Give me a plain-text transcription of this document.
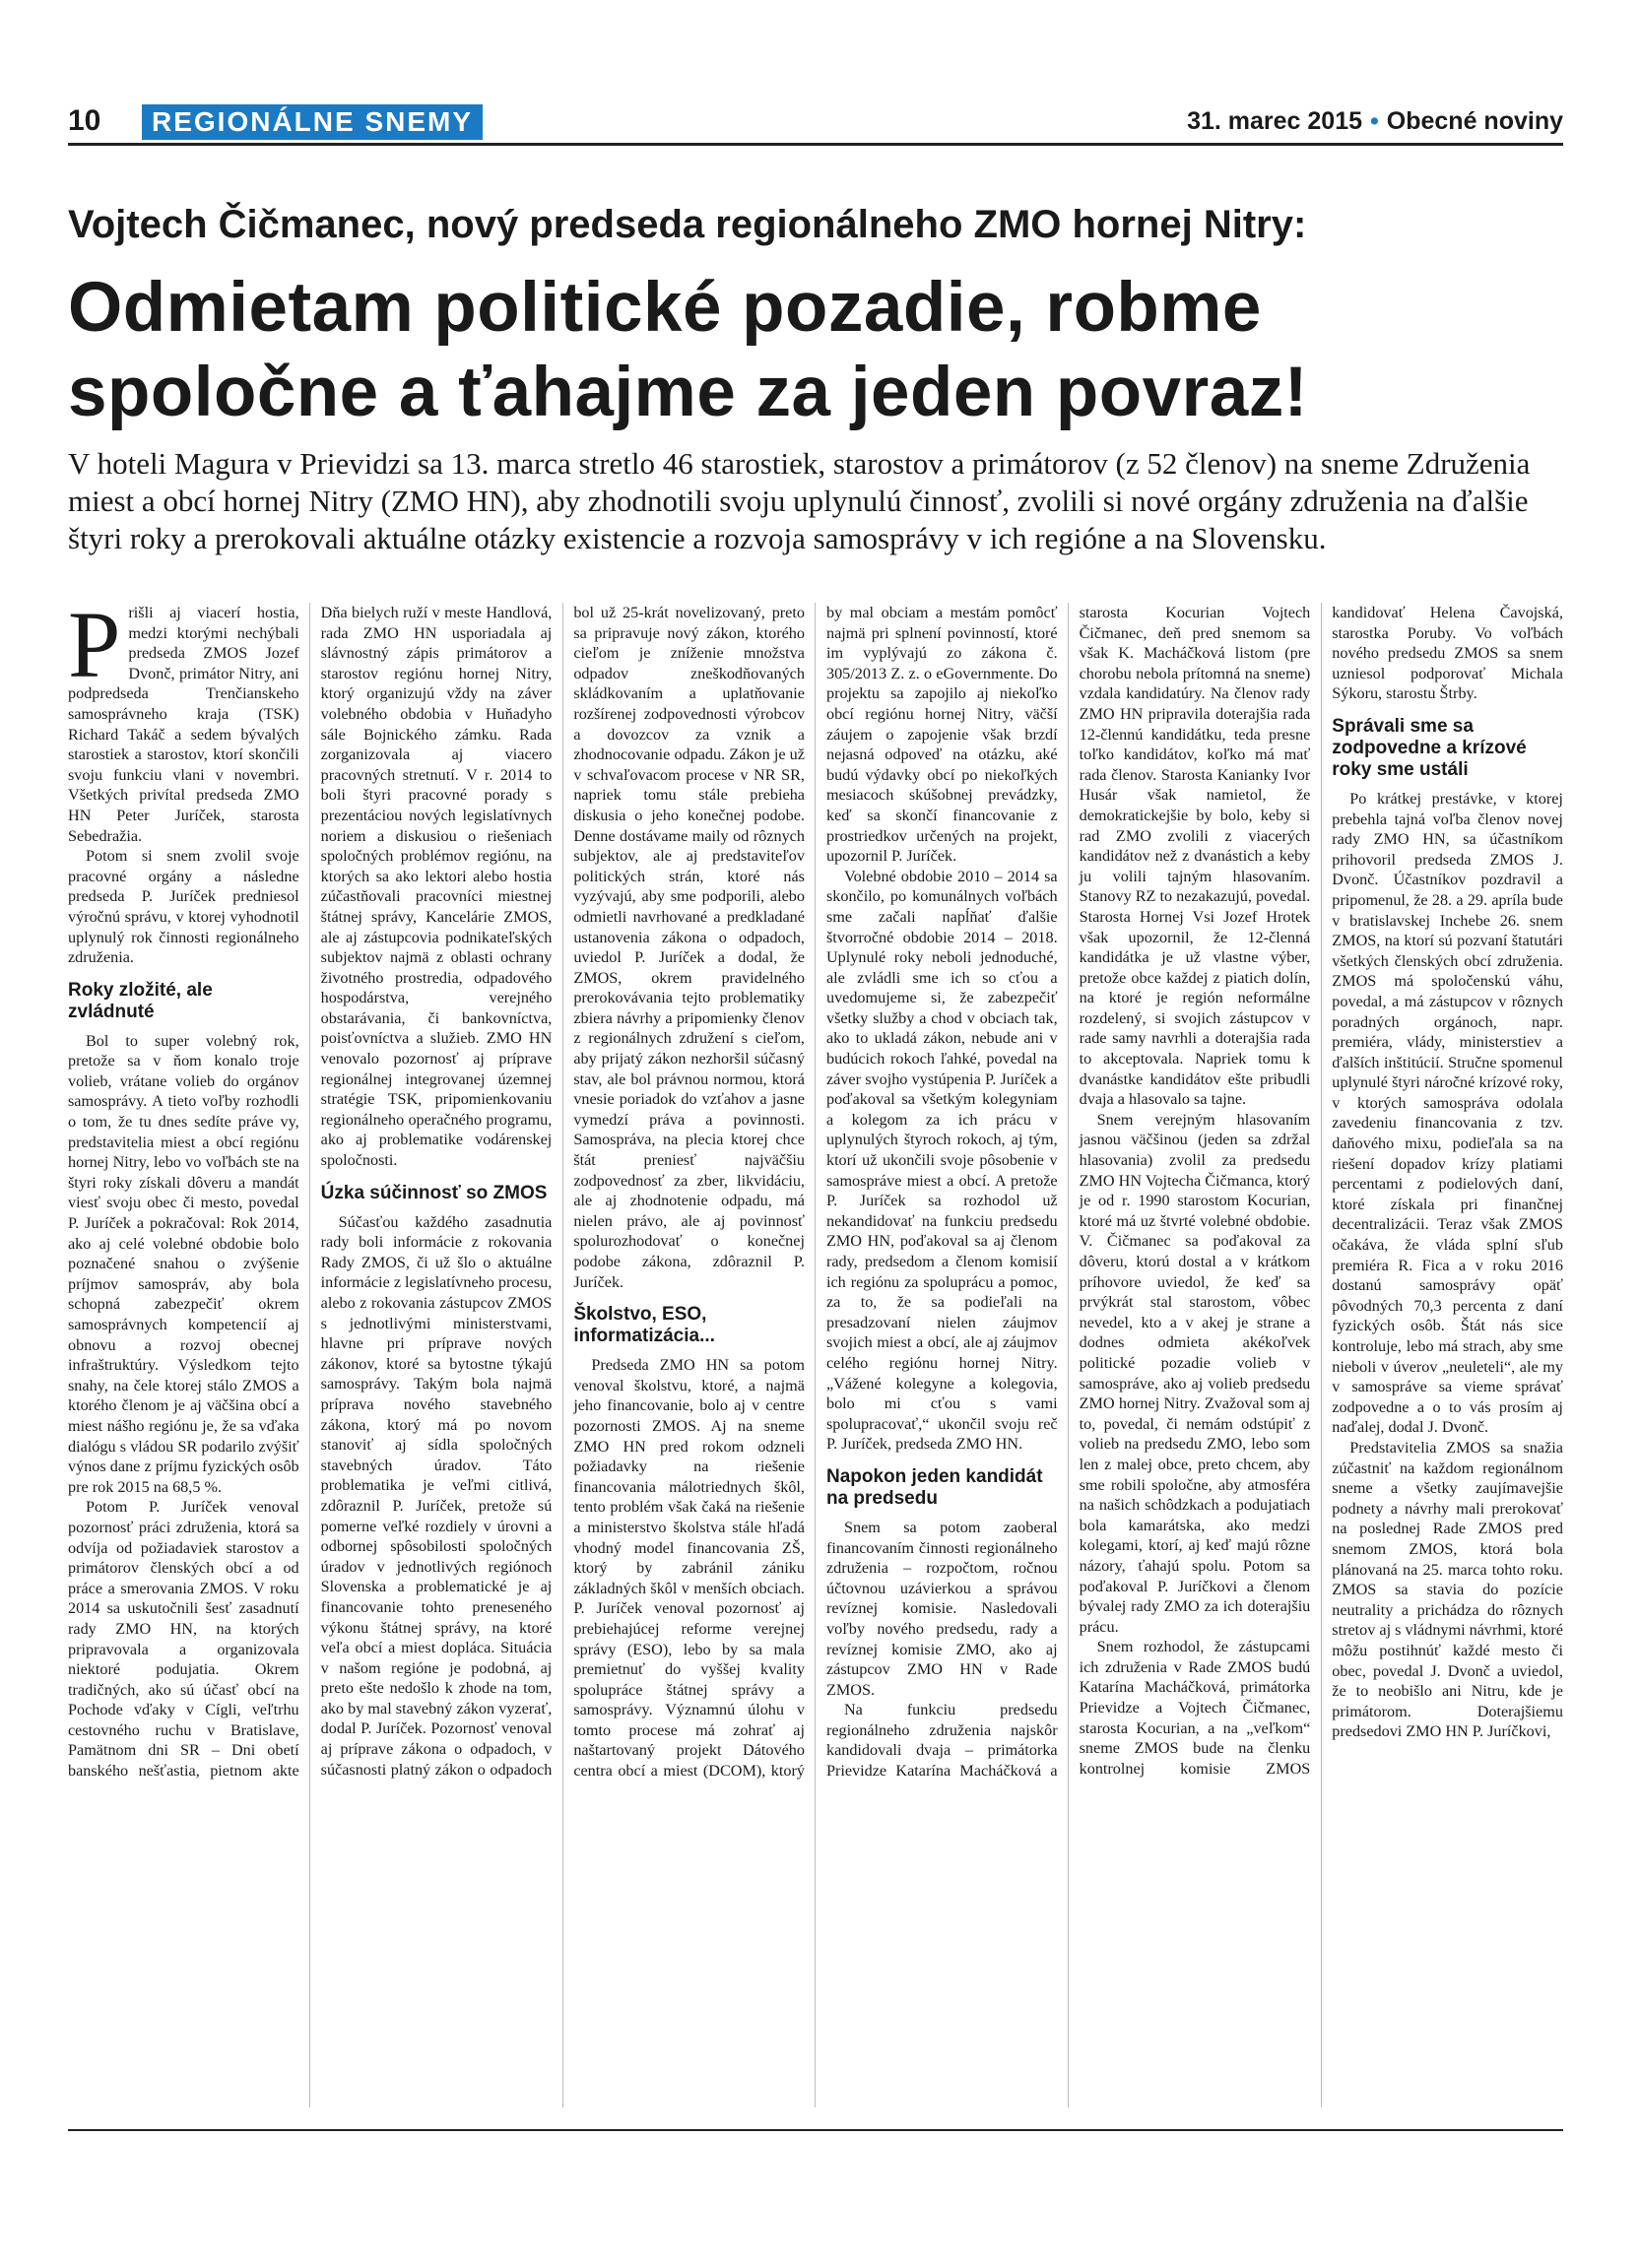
10	REGIONÁLNE SNEMY	31. marec 2015 • Obecné noviny
Vojtech Čičmanec, nový predseda regionálneho ZMO hornej Nitry:
Odmietam politické pozadie, robme spoločne a ťahajme za jeden povraz!
V hoteli Magura v Prievidzi sa 13. marca stretlo 46 starostiek, starostov a primátorov (z 52 členov) na sneme Združenia miest a obcí hornej Nitry (ZMO HN), aby zhodnotili svoju uplynulú činnosť, zvolili si nové orgány združenia na ďalšie štyri roky a prerokovali aktuálne otázky existencie a rozvoja samosprávy v ich regióne a na Slovensku.

Prišli aj viacerí hostia, medzi ktorými nechýbali predseda ZMOS Jozef Dvonč, primátor Nitry, ani podpredseda Trenčianskeho samosprávneho kraja (TSK) Richard Takáč a sedem bývalých starostiek a starostov, ktorí skončili svoju funkciu vlani v novembri. Všetkých privítal predseda ZMO HN Peter Juríček, starosta Sebedražia.

Potom si snem zvolil svoje pracovné orgány a následne predseda P. Juríček predniesol výročnú správu, v ktorej vyhodnotil uplynulý rok činnosti regionálneho združenia.

Roky zložité, ale zvládnuté

Bol to super volebný rok, pretože sa v ňom konalo troje volieb, vrátane volieb do orgánov samosprávy. A tieto voľby rozhodli o tom, že tu dnes sedíte práve vy, predstavitelia miest a obcí regiónu hornej Nitry, lebo vo voľbách ste na štyri roky získali dôveru a mandát viesť svoju obec či mesto, povedal P. Juríček a pokračoval: Rok 2014, ako aj celé volebné obdobie bolo poznačené snahou o zvýšenie príjmov samospráv, aby bola schopná zabezpečiť okrem samosprávnych kompetencií aj obnovu a rozvoj obecnej infraštruktúry. Výsledkom tejto snahy, na čele ktorej stálo ZMOS a ktorého členom je aj väčšina obcí a miest nášho regiónu je, že sa vďaka dialógu s vládou SR podarilo zvýšiť výnos dane z príjmu fyzických osôb pre rok 2015 na 68,5 %.

Potom P. Juríček venoval pozornosť práci združenia, ktorá sa odvíja od požiadaviek starostov a primátorov členských obcí a od práce a smerovania ZMOS. V roku 2014 sa uskutočnili šesť zasadnutí rady ZMO HN, na ktorých pripravovala a organizovala niektoré podujatia. Okrem tradičných, ako sú účasť obcí na Pochode vďaky v Cígli, veľtrhu cestovného ruchu v Bratislave, Pamätnom dni SR – Dni obetí banského nešťastia, pietnom akte Dňa bielych ruží v meste Handlová, rada ZMO HN usporiadala aj slávnostný zápis primátorov a starostov regiónu hornej Nitry, ktorý organizujú vždy na záver volebného obdobia v Huňadyho sále Bojnického zámku. Rada zorganizovala aj viacero pracovných stretnutí. V r. 2014 to boli štyri pracovné porady s prezentáciou nových legislatívnych noriem a diskusiou o riešeniach spoločných problémov regiónu, na ktorých sa ako lektori alebo hostia zúčastňovali pracovníci miestnej štátnej správy, Kancelárie ZMOS, ale aj zástupcovia podnikateľských subjektov najmä z oblasti ochrany životného prostredia, odpadového hospodárstva, verejného obstarávania, či bankovníctva, poisťovníctva a služieb. ZMO HN venovalo pozornosť aj príprave regionálnej integrovanej územnej stratégie TSK, pripomienkovaniu regionálneho operačného programu, ako aj problematike vodárenskej spoločnosti.

Úzka súčinnosť so ZMOS

Súčasťou každého zasadnutia rady boli informácie z rokovania Rady ZMOS, či už šlo o aktuálne informácie z legislatívneho procesu, alebo z rokovania zástupcov ZMOS s jednotlivými ministerstvami, hlavne pri príprave nových zákonov, ktoré sa bytostne týkajú samosprávy. Takým bola najmä príprava nového stavebného zákona, ktorý má po novom stanoviť aj sídla spoločných stavebných úradov. Táto problematika je veľmi citlivá, zdôraznil P. Juríček, pretože sú pomerne veľké rozdiely v úrovni a odbornej spôsobilosti spoločných úradov v jednotlivých regiónoch Slovenska a problematické je aj financovanie tohto preneseného výkonu štátnej správy, na ktoré veľa obcí a miest dopláca. Situácia v našom regióne je podobná, aj preto ešte nedošlo k zhode na tom, ako by mal stavebný zákon vyzerať, dodal P. Juríček. Pozornosť venoval aj príprave zákona o odpadoch, v súčasnosti platný zákon o odpadoch bol už 25-krát novelizovaný, preto sa pripravuje nový zákon, ktorého cieľom je zníženie množstva odpadov zneškodňovaných skládkovaním a uplatňovanie rozšírenej zodpovednosti výrobcov a dovozcov za vznik a zhodnocovanie odpadu. Zákon je už v schvaľovacom procese v NR SR, napriek tomu stále prebieha diskusia o jeho konečnej podobe. Denne dostávame maily od rôznych subjektov, ale aj predstaviteľov politických strán, ktoré nás vyzývajú, aby sme podporili, alebo odmietli navrhované a predkladané ustanovenia zákona o odpadoch, uviedol P. Juríček a dodal, že ZMOS, okrem pravidelného prerokovávania tejto problematiky zbiera návrhy a pripomienky členov z regionálnych združení s cieľom, aby prijatý zákon nezhoršil súčasný stav, ale bol právnou normou, ktorá vnesie poriadok do vzťahov a jasne vymedzí práva a povinnosti. Samospráva, na plecia ktorej chce štát preniesť najväčšiu zodpovednosť za zber, likvidáciu, ale aj zhodnotenie odpadu, má nielen právo, ale aj povinnosť spolurozhodovať o konečnej podobe zákona, zdôraznil P. Juríček.

Školstvo, ESO, informatizácia...

Predseda ZMO HN sa potom venoval školstvu, ktoré, a najmä jeho financovanie, bolo aj v centre pozornosti ZMOS. Aj na sneme ZMO HN pred rokom odzneli požiadavky na riešenie financovania málotriednych škôl, tento problém však čaká na riešenie a ministerstvo školstva stále hľadá vhodný model financovania ZŠ, ktorý by zabránil zániku základných škôl v menších obciach. P. Juríček venoval pozornosť aj prebiehajúcej reforme verejnej správy (ESO), lebo by sa mala premietnuť do vyššej kvality spolupráce štátnej správy a samosprávy. Významnú úlohu v tomto procese má zohrať aj naštartovaný projekt Dátového centra obcí a miest (DCOM), ktorý by mal obciam a mestám pomôcť najmä pri splnení povinností, ktoré im vyplývajú zo zákona č. 305/2013 Z. z. o eGovernmente. Do projektu sa zapojilo aj niekoľko obcí regiónu hornej Nitry, väčší záujem o zapojenie však brzdí nejasná odpoveď na otázku, aké budú výdavky obcí po niekoľkých mesiacoch skúšobnej prevádzky, keď sa skončí financovanie z prostriedkov určených na projekt, upozornil P. Juríček.

Volebné obdobie 2010 – 2014 sa skončilo, po komunálnych voľbách sme začali napĺňať ďalšie štvorročné obdobie 2014 – 2018. Uplynulé roky neboli jednoduché, ale zvládli sme ich so cťou a uvedomujeme si, že zabezpečiť všetky služby a chod v obciach tak, ako to ukladá zákon, nebude ani v budúcich rokoch ľahké, povedal na záver svojho vystúpenia P. Juríček a poďakoval sa všetkým kolegyniam a kolegom za ich prácu v uplynulých štyroch rokoch, aj tým, ktorí už ukončili svoje pôsobenie v samospráve miest a obcí. A pretože P. Juríček sa rozhodol už nekandidovať na funkciu predsedu ZMO HN, poďakoval sa aj členom rady, predsedom a členom komisií ich regiónu za spoluprácu a pomoc, za to, že sa podieľali na presadzovaní nielen záujmov svojich miest a obcí, ale aj záujmov celého regiónu hornej Nitry. „Vážené kolegyne a kolegovia, bolo mi cťou s vami spolupracovať,“ ukončil svoju reč P. Juríček, predseda ZMO HN.

Napokon jeden kandidát na predsedu

Snem sa potom zaoberal financovaním činnosti regionálneho združenia – rozpočtom, ročnou účtovnou uzávierkou a správou revíznej komisie. Nasledovali voľby nového predsedu, rady a revíznej komisie ZMO, ako aj zástupcov ZMO HN v Rade ZMOS.

Na funkciu predsedu regionálneho združenia najskôr kandidovali dvaja – primátorka Prievidze Katarína Macháčková a starosta Kocurian Vojtech Čičmanec, deň pred snemom sa však K. Macháčková listom (pre chorobu nebola prítomná na sneme) vzdala kandidatúry. Na členov rady ZMO HN pripravila doterajšia rada 12-člennú kandidátku, teda presne toľko kandidátov, koľko má mať rada členov. Starosta Kanianky Ivor Husár však namietol, že demokratickejšie by bolo, keby si rad ZMO zvolili z viacerých kandidátov než z dvanástich a keby ju volili tajným hlasovaním. Stanovy RZ to nezakazujú, povedal. Starosta Hornej Vsi Jozef Hrotek však upozornil, že 12-členná kandidátka je už vlastne výber, pretože obce každej z piatich dolín, na ktoré je región neformálne rozdelený, si svojich zástupcov v rade samy navrhli a doterajšia rada to akceptovala. Napriek tomu k dvanástke kandidátov ešte pribudli dvaja a hlasovalo sa tajne.

Snem verejným hlasovaním jasnou väčšinou (jeden sa zdržal hlasovania) zvolil za predsedu ZMO HN Vojtecha Čičmanca, ktorý je od r. 1990 starostom Kocurian, ktoré má uz štvrté volebné obdobie. V. Čičmanec sa poďakoval za dôveru, ktorú dostal a v krátkom príhovore uviedol, že keď sa prvýkrát stal starostom, vôbec nevedel, kto a v akej je strane a dodnes odmieta akékoľvek politické pozadie volieb v samospráve, ako aj volieb predsedu ZMO hornej Nitry. Zvažoval som aj to, povedal, či nemám odstúpiť z volieb na predsedu ZMO, lebo som len z malej obce, preto chcem, aby sme robili spoločne, aby atmosféra na našich schôdzkach a podujatiach bola kamarátska, ako medzi kolegami, ktorí, aj keď majú rôzne názory, ťahajú spolu. Potom sa poďakoval P. Juríčkovi a členom bývalej rady ZMO za ich doterajšiu prácu.

Snem rozhodol, že zástupcami ich združenia v Rade ZMOS budú Katarína Macháčková, primátorka Prievidze a Vojtech Čičmanec, starosta Kocurian, a na „veľkom“ sneme ZMOS bude na členku kontrolnej komisie ZMOS kandidovať Helena Čavojská, starostka Poruby. Vo voľbách nového predsedu ZMOS sa snem uzniesol podporovať Michala Sýkoru, starostu Štrby.

Správali sme sa zodpovedne a krízové roky sme ustáli

Po krátkej prestávke, v ktorej prebehla tajná voľba členov novej rady ZMO HN, sa účastníkom prihovoril predseda ZMOS J. Dvonč. Účastníkov pozdravil a pripomenul, že 28. a 29. apríla bude v bratislavskej Inchebe 26. snem ZMOS, na ktorí sú pozvaní štatutári všetkých členských obcí združenia. ZMOS má spoločenskú váhu, povedal, a má zástupcov v rôznych poradných orgánoch, napr. premiéra, vlády, ministerstiev a ďalších inštitúcií. Stručne spomenul uplynulé štyri náročné krízové roky, v ktorých samospráva odolala zavedeniu financovania z tzv. daňového mixu, podieľala sa na riešení dopadov krízy platiami percentami z podielových daní, ktoré získala pri finančnej decentralizácii. Teraz však ZMOS očakáva, že vláda splní sľub premiéra R. Fica a v roku 2016 dostanú samosprávy opäť pôvodných 70,3 percenta z daní fyzických osôb. Štát nás sice kontroluje, lebo má strach, aby sme nieboli v úverov „neuleteli“, ale my v samospráve sa vieme správať zodpovedne a o to vás prosím aj naďalej, dodal J. Dvonč.

Predstavitelia ZMOS sa snažia zúčastniť na každom regionálnom sneme a všetky zaujímavejšie podnety a návrhy mali prerokovať na poslednej Rade ZMOS pred snemom ZMOS, ktorá bola plánovaná na 25. marca tohto roku. ZMOS sa stavia do pozície neutrality a prichádza do rôznych stretov aj s vládnymi návrhmi, ktoré môžu postihnúť každé mesto či obec, povedal J. Dvonč a uviedol, že to neobišlo ani Nitru, kde je primátorom. Doterajšiemu predsedovi ZMO HN P. Juríčkovi,
